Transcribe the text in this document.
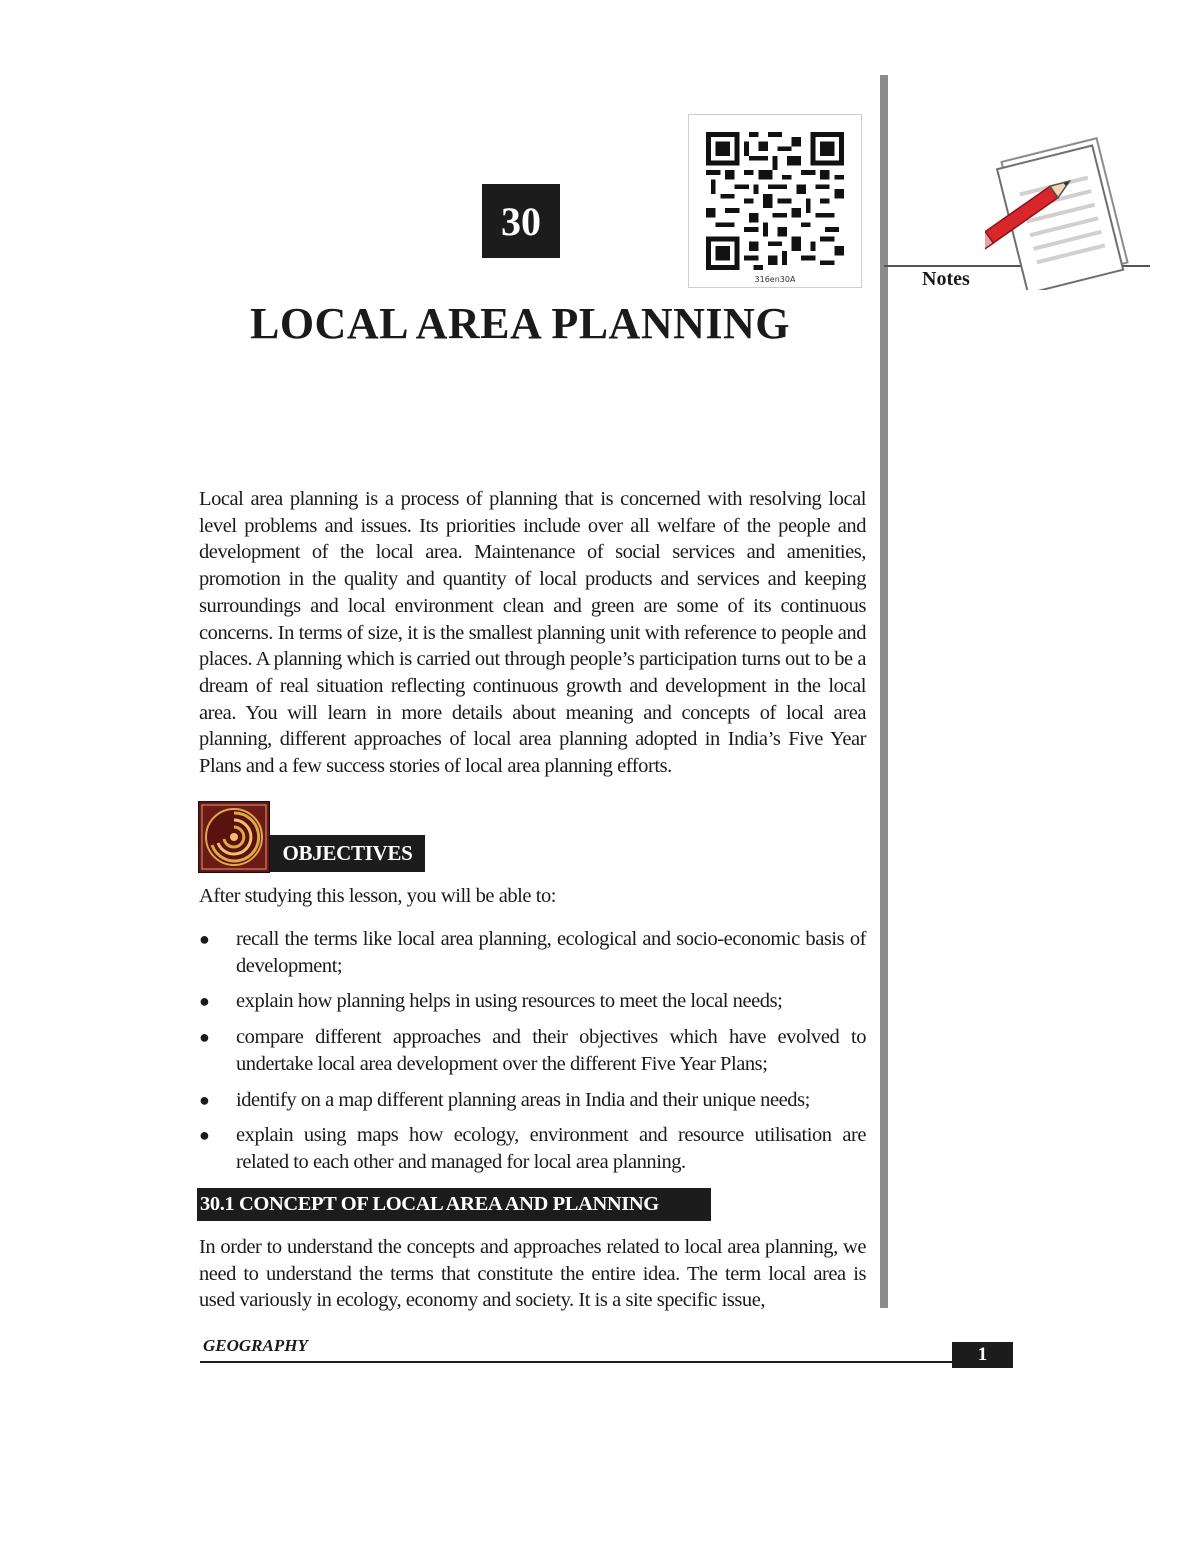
30
316en30A
LOCAL AREA PLANNING
Notes

Local area planning is a process of planning that is concerned with resolving local level problems and issues. Its priorities include over all welfare of the people and development of the local area. Maintenance of social services and amenities, promotion in the quality and quantity of local products and services and keeping surroundings and local environment clean and green are some of its continuous concerns. In terms of size, it is the smallest planning unit with reference to people and places. A planning which is carried out through people’s participation turns out to be a dream of real situation reflecting continuous growth and development in the local area. You will learn in more details about meaning and concepts of local area planning, different approaches of local area planning adopted in India’s Five Year Plans and a few success stories of local area planning efforts.

OBJECTIVES

After studying this lesson, you will be able to:

● recall the terms like local area planning, ecological and socio-economic basis of development;
● explain how planning helps in using resources to meet the local needs;
● compare different approaches and their objectives which have evolved to undertake local area development over the different Five Year Plans;
● identify on a map different planning areas in India and their unique needs;
● explain using maps how ecology, environment and resource utilisation are related to each other and managed for local area planning.
30.1 CONCEPT OF LOCAL AREA AND PLANNING

In order to understand the concepts and approaches related to local area planning, we need to understand the terms that constitute the entire idea. The term local area is used variously in ecology, economy and society. It is a site specific issue,

GEOGRAPHY	1
